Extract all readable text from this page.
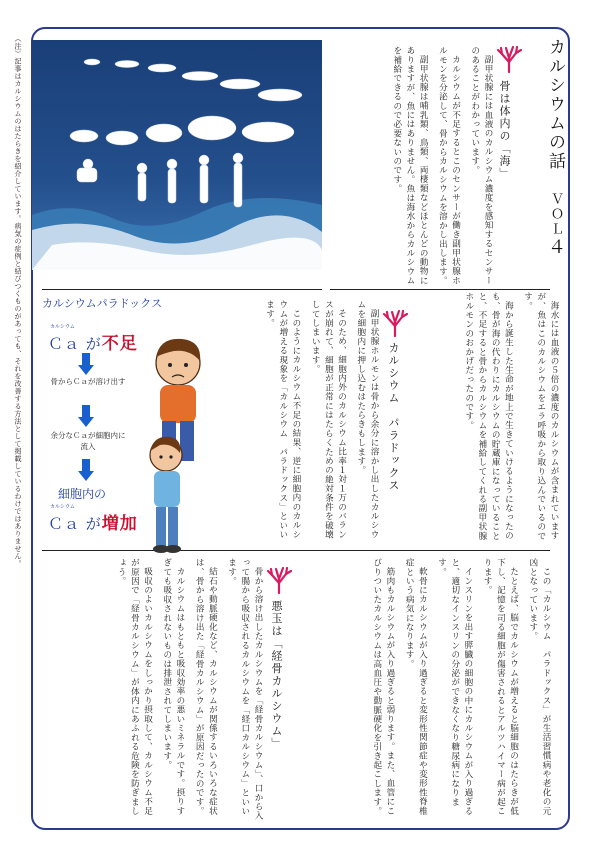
（注）記事はカルシウムのはたらきを紹介しています。病気の症例と結びつくものがあっても、それを改善する方法として掲載しているわけではありません。	カルシウムの話 ＶＯＬ４
骨は体内の「海」

副甲状腺には血液のカルシウム濃度を感知するセンサーのあることがわかっています。

カルシウムが不足するとこのセンサーが働き副甲状腺ホルモンを分泌して、骨からカルシウムを溶かし出します。

副甲状腺は哺乳類、鳥類、両棲類などほとんどの動物にありますが、魚にはありません。魚は海水からカルシウムを補給できるので必要ないのです。

海水には血液の５倍の濃度のカルシウムが含まれていますが、魚はこのカルシウムをエラ呼吸から取り込んでいるのです。

海から誕生した生命が地上で生きていけるようになったのも、骨が海の代わりにカルシウムの貯蔵庫になっていることと、不足すると骨からカルシウムを補給してくれる副甲状腺ホルモンのおかげだったのです。

カルシウム　パラドックス

副甲状腺ホルモンは骨から余分に溶かし出したカルシウムを細胞内に押し込むはたらきもします。

そのため、細胞内外のカルシウム比率１対１万のバランスが崩れて、細胞が正常にはたらくための絶対条件を破壊してしまいます。

このようにカルシウム不足の結果、逆に細胞内のカルシウムが増える現象を「カルシウム　パラドックス」といいます。

カルシウムパラドックス
カルシウム
Ｃａ が不足
骨からＣａが溶け出す
余分なＣａが細胞内に流入
細胞内の
カルシウム
Ｃａ が増加

この「カルシウム　パラドックス」が生活習慣病や老化の元凶となっています。

たとえば、脳でカルシウムが増えると脳細胞のはたらきが低下し、記憶を司る細胞が傷害されるとアルツハイマー病が起こります。

インスリンを出す膵臓の細胞の中にカルシウムが入り過ぎると、適切なインスリンの分泌ができなくなり糖尿病になります。

軟骨にカルシウムが入り過ぎると変形性関節症や変形性脊椎症という病気になります。

筋肉もカルシウムが入り過ぎると弱ります。また、血管にこびりついたカルシウムは高血圧や動脈硬化を引き起こします。

悪玉は「経骨カルシウム」

骨から溶け出したカルシウムを「経骨カルシウム」、口から入って腸から吸収されるカルシウムを「経口カルシウム」といいます。

結石や動脈硬化など、カルシウムが関係するいろいろな症状は、骨から溶け出た「経骨カルシウム」が原因だったのです。

カルシウムはもともと吸収効率の悪いミネラルです。摂りすぎても吸収されないものは排泄されてしまいます。

吸収のよいカルシウムをしっかり摂取して、カルシウム不足が原因で「経骨カルシウム」が体内にあふれる危険を防ぎましょう。
